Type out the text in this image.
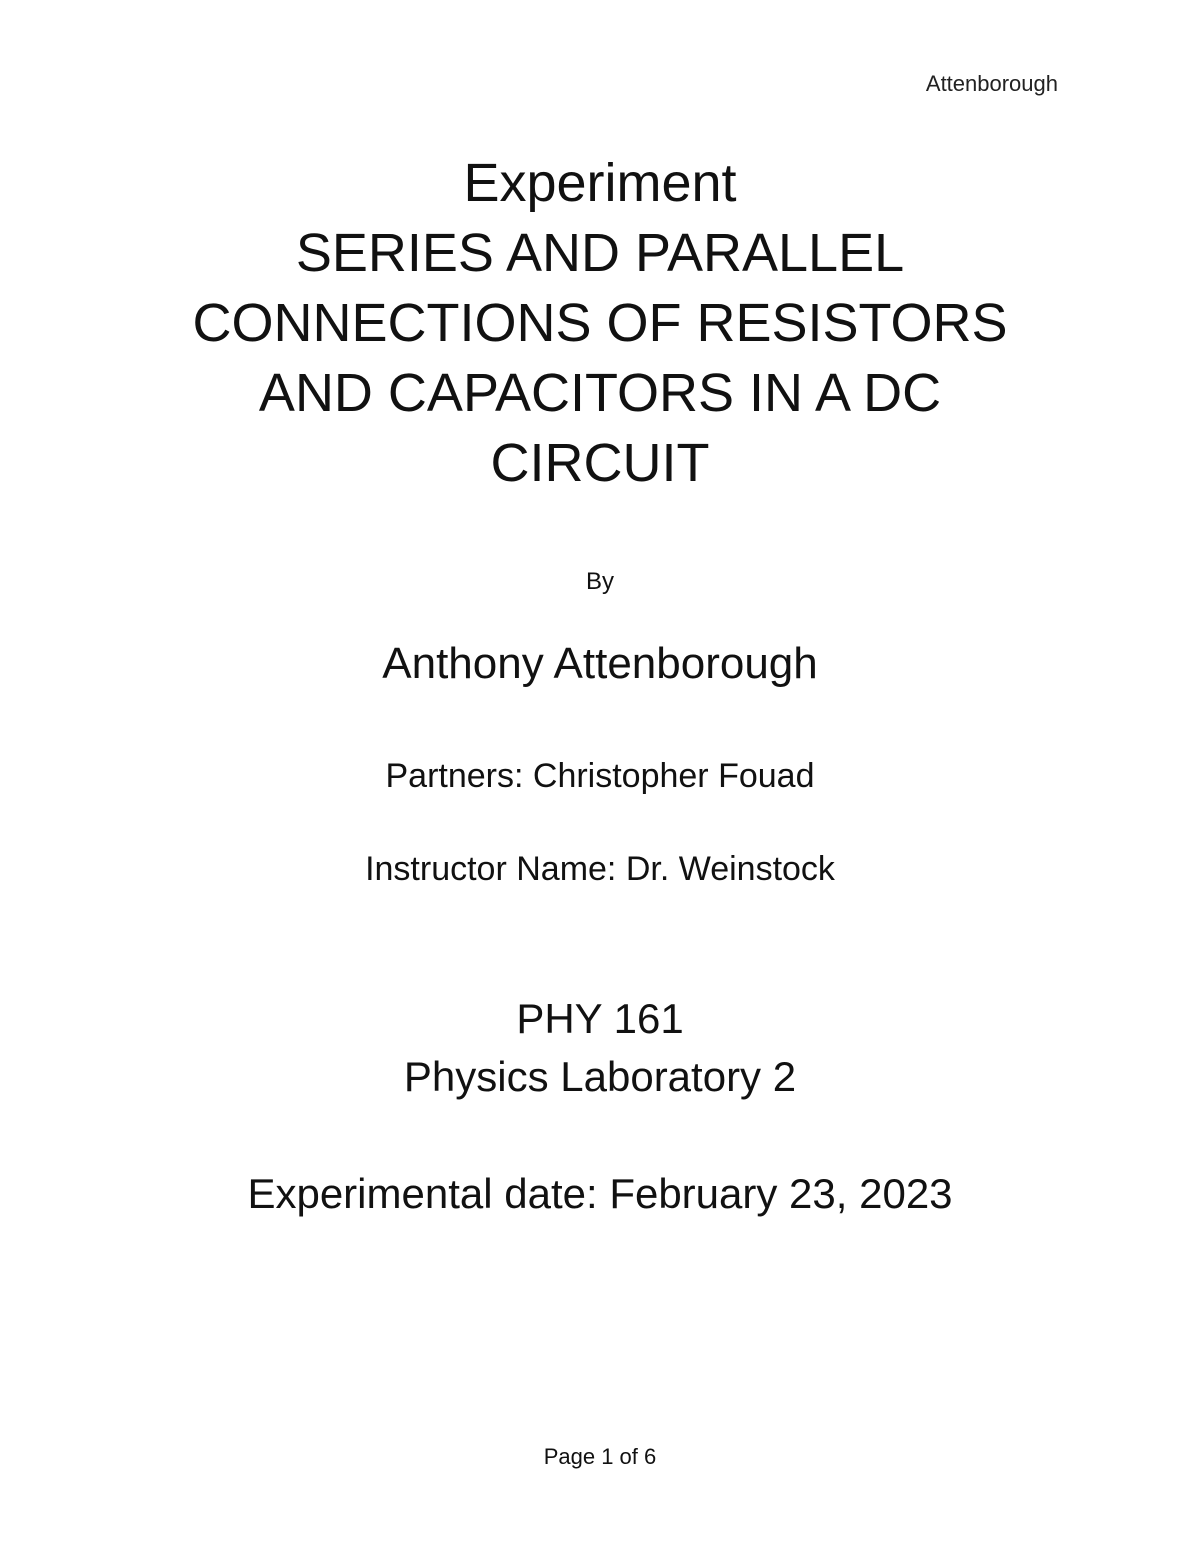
Attenborough
Experiment
SERIES AND PARALLEL
CONNECTIONS OF RESISTORS
AND CAPACITORS IN A DC
CIRCUIT
By
Anthony Attenborough
Partners: Christopher Fouad
Instructor Name: Dr. Weinstock
PHY 161
Physics Laboratory 2
Experimental date: February 23, 2023
Page 1 of 6
